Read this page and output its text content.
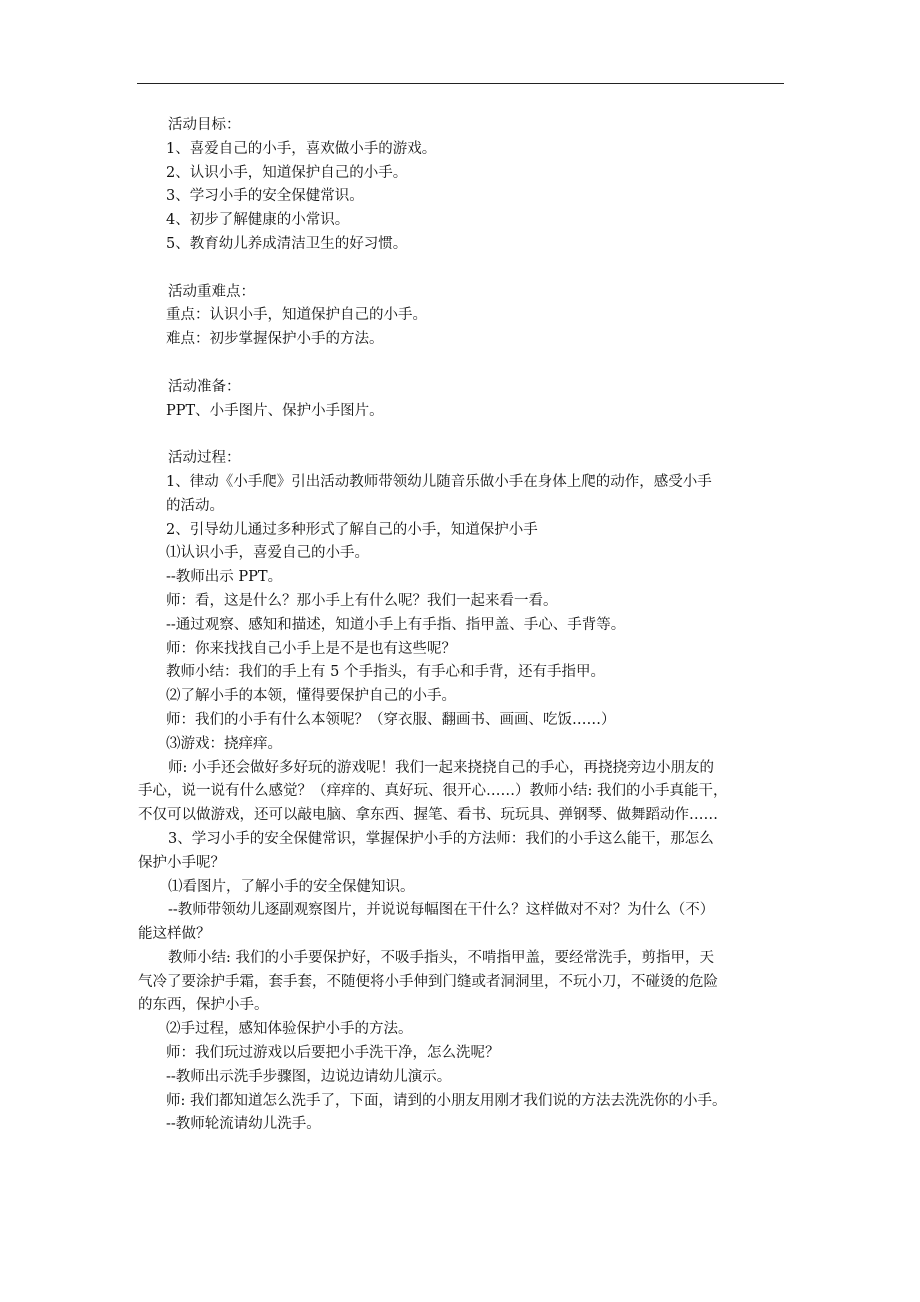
活动目标：
1、喜爱自己的小手，喜欢做小手的游戏。
2、认识小手，知道保护自己的小手。
3、学习小手的安全保健常识。
4、初步了解健康的小常识。
5、教育幼儿养成清洁卫生的好习惯。
活动重难点：
重点：认识小手，知道保护自己的小手。
难点：初步掌握保护小手的方法。
活动准备：
PPT、小手图片、保护小手图片。
活动过程：
1、律动《小手爬》引出活动教师带领幼儿随音乐做小手在身体上爬的动作，感受小手
的活动。
2、引导幼儿通过多种形式了解自己的小手，知道保护小手
⑴认识小手，喜爱自己的小手。
--教师出示 PPT。
师：看，这是什么？那小手上有什么呢？我们一起来看一看。
--通过观察、感知和描述，知道小手上有手指、指甲盖、手心、手背等。
师：你来找找自己小手上是不是也有这些呢？
教师小结：我们的手上有 5 个手指头，有手心和手背，还有手指甲。
⑵了解小手的本领，懂得要保护自己的小手。
师：我们的小手有什么本领呢？（穿衣服、翻画书、画画、吃饭……）
⑶游戏：挠痒痒。
师: 小手还会做好多好玩的游戏呢！我们一起来挠挠自己的手心，再挠挠旁边小朋友的
手心，说一说有什么感觉？（痒痒的、真好玩、很开心……）教师小结: 我们的小手真能干，
不仅可以做游戏，还可以敲电脑、拿东西、握笔、看书、玩玩具、弹钢琴、做舞蹈动作……
3、学习小手的安全保健常识，掌握保护小手的方法师：我们的小手这么能干，那怎么
保护小手呢？
⑴看图片，了解小手的安全保健知识。
--教师带领幼儿逐副观察图片，并说说每幅图在干什么？这样做对不对？为什么（不）
能这样做？
教师小结: 我们的小手要保护好，不吸手指头，不啃指甲盖，要经常洗手，剪指甲，天
气冷了要涂护手霜，套手套，不随便将小手伸到门缝或者洞洞里，不玩小刀，不碰烫的危险
的东西，保护小手。
⑵手过程，感知体验保护小手的方法。
师：我们玩过游戏以后要把小手洗干净，怎么洗呢？
--教师出示洗手步骤图，边说边请幼儿演示。
师: 我们都知道怎么洗手了，下面，请到的小朋友用刚才我们说的方法去洗洗你的小手。
--教师轮流请幼儿洗手。
